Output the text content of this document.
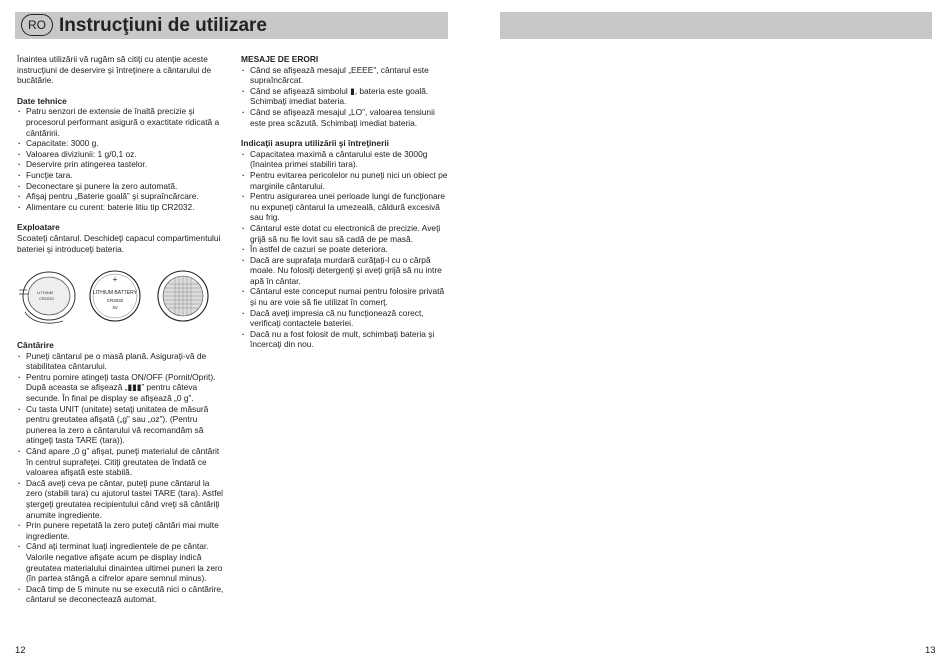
RO Instrucţiuni de utilizare

Înaintea utilizării vă rugăm să citiţi cu atenţie aceste instrucţiuni de deservire şi întreţinere a cântarului de bucătărie.

Date tehnice

· Patru senzori de extensie de înaltă precizie şi procesorul performant asigură o exactitate ridicată a cântăririi.
· Capacitate: 3000 g.
· Valoarea diviziunii: 1 g/0,1 oz.
· Deservire prin atingerea tastelor.
· Funcţie tara.
· Deconectare şi punere la zero automată.
· Afişaj pentru „Baterie goală” şi supraîncărcare.
· Alimentare cu curent: baterie litiu tip CR2032.

Exploatare

Scoateţi cântarul. Deschideţi capacul compartimentului bateriei şi introduceţi bateria.

LITHIUM
CR2032
+
LITHIUM BATTERY
CR2032
3V

Cântărire

· Puneţi cântarul pe o masă plană. Asiguraţi-vă de stabilitatea cântarului.
· Pentru pornire atingeţi tasta ON/OFF (Pornit/Oprit). După aceasta se afişează „▮▮▮” pentru câteva secunde. În final pe display se afişează „0 g”.
· Cu tasta UNIT (unitate) setaţi unitatea de măsură pentru greutatea afişată („g” sau „oz”). (Pentru punerea la zero a cântarului vă recomandăm să atingeţi tasta TARE (tara)).
· Când apare „0 g” afişat, puneţi materialul de cântărit în centrul suprafeţei. Citiţi greutatea de îndată ce valoarea afişată este stabilă.
· Dacă aveţi ceva pe cântar, puteţi pune cântarul la zero (stabili tara) cu ajutorul tastei TARE (tara). Astfel ştergeţi greutatea recipientului când vreţi să cântăriţi anumite ingrediente.
· Prin punere repetată la zero puteţi cântări mai multe ingrediente.
· Când aţi terminat luaţi ingredientele de pe cântar. Valorile negative afişate acum pe display indică greutatea materialului dinaintea ultimei puneri la zero (în partea stângă a cifrelor apare semnul minus).
· Dacă timp de 5 minute nu se execută nici o cântărire, cântarul se deconectează automat.

MESAJE DE ERORI

· Când se afişează mesajul „EEEE”, cântarul este supraîncărcat.
· Când se afişează simbolul ▮, bateria este goală. Schimbaţi imediat bateria.
· Când se afişează mesajul „LO”, valoarea tensiunii este prea scăzută. Schimbaţi imediat bateria.

Indicaţii asupra utilizării şi întreţinerii

· Capacitatea maximă a cântarului este de 3000g (înaintea primei stabiliri tara).
· Pentru evitarea pericolelor nu puneţi nici un obiect pe marginile cântarului.
· Pentru asigurarea unei perioade lungi de funcţionare nu expuneţi cântarul la umezeală, căldură excesivă sau frig.
· Cântarul este dotat cu electronică de precizie. Aveţi grijă să nu fie lovit sau să cadă de pe masă.
· În astfel de cazuri se poate deteriora.
· Dacă are suprafaţa murdară curăţaţi-l cu o cârpă moale. Nu folosiţi detergenţi şi aveţi grijă să nu intre apă în cântar.
· Cântarul este conceput numai pentru folosire privată şi nu are voie să fie utilizat în comerţ.
· Dacă aveţi impresia că nu funcţionează corect, verificaţi contactele bateriei.
· Dacă nu a fost folosit de mult, schimbaţi bateria şi încercaţi din nou.
12	13
